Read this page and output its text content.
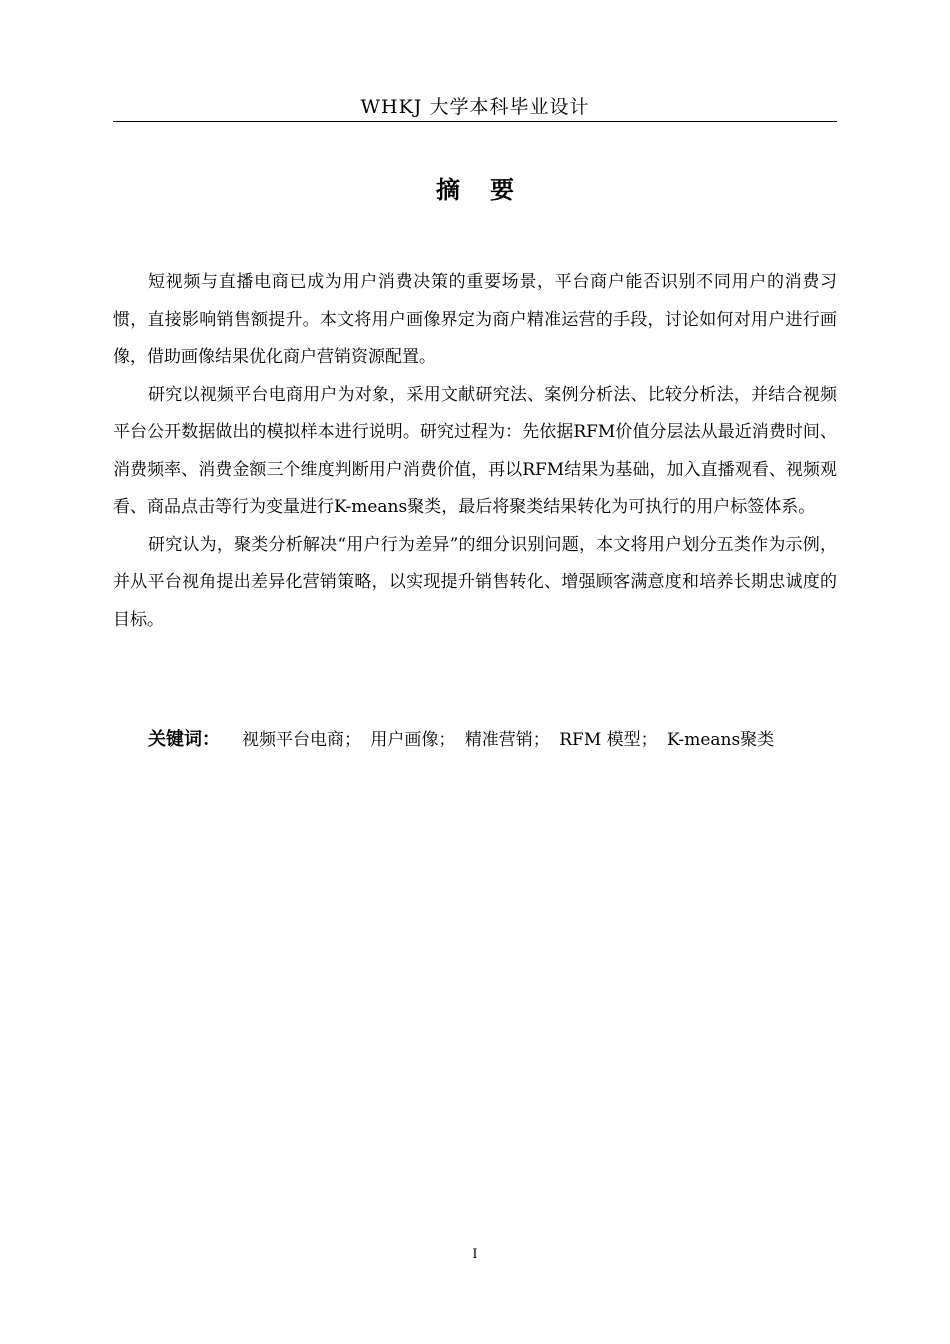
WHKJ 大学本科毕业设计
摘要

短视频与直播电商已成为用户消费决策的重要场景，平台商户能否识别不同用户的消费习惯，直接影响销售额提升。本文将用户画像界定为商户精准运营的手段，讨论如何对用户进行画像，借助画像结果优化商户营销资源配置。

研究以视频平台电商用户为对象，采用文献研究法、案例分析法、比较分析法，并结合视频平台公开数据做出的模拟样本进行说明。研究过程为：先依据RFM价值分层法从最近消费时间、消费频率、消费金额三个维度判断用户消费价值，再以RFM结果为基础，加入直播观看、视频观看、商品点击等行为变量进行K-means聚类，最后将聚类结果转化为可执行的用户标签体系。

研究认为，聚类分析解决“用户行为差异”的细分识别问题，本文将用户划分五类作为示例，并从平台视角提出差异化营销策略，以实现提升销售转化、增强顾客满意度和培养长期忠诚度的目标。

关键词： 视频平台电商； 用户画像； 精准营销； RFM 模型； K-means聚类
I
